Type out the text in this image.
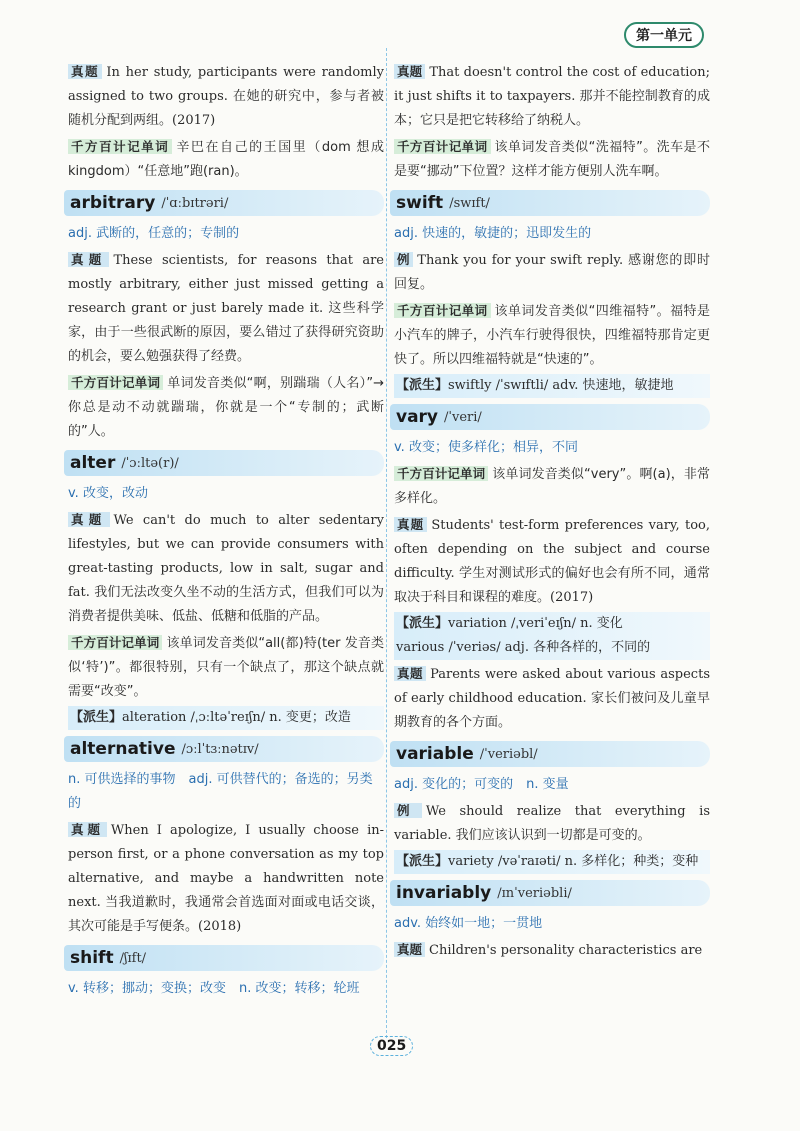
第一单元

真题 In her study, participants were randomly assigned to two groups. 在她的研究中，参与者被随机分配到两组。(2017)

千方百计记单词 辛巴在自己的王国里（dom 想成 kingdom）“任意地”跑(ran)。

arbitrary /ˈɑːbɪtrəri/

adj. 武断的，任意的；专制的

真题 These scientists, for reasons that are mostly arbitrary, either just missed getting a research grant or just barely made it. 这些科学家，由于一些很武断的原因，要么错过了获得研究资助的机会，要么勉强获得了经费。

千方百计记单词 单词发音类似“啊，别踹瑞（人名）”→你总是动不动就踹瑞，你就是一个“专制的；武断的”人。

alter /ˈɔːltə(r)/

v. 改变，改动

真题 We can't do much to alter sedentary lifestyles, but we can provide consumers with great-tasting products, low in salt, sugar and fat. 我们无法改变久坐不动的生活方式，但我们可以为消费者提供美味、低盐、低糖和低脂的产品。

千方百计记单词 该单词发音类似“all(都)特(ter 发音类似‘特’)”。都很特别，只有一个缺点了，那这个缺点就需要“改变”。

【派生】alteration /ˌɔːltəˈreɪʃn/ n. 变更；改造

alternative /ɔːlˈtɜːnətɪv/

n. 可供选择的事物　adj. 可供替代的；备选的；另类的

真题 When I apologize, I usually choose in-person first, or a phone conversation as my top alternative, and maybe a handwritten note next. 当我道歉时，我通常会首选面对面或电话交谈，其次可能是手写便条。(2018)

shift /ʃɪft/

v. 转移；挪动；变换；改变　n. 改变；转移；轮班

真题 That doesn't control the cost of education; it just shifts it to taxpayers. 那并不能控制教育的成本；它只是把它转移给了纳税人。

千方百计记单词 该单词发音类似“洗福特”。洗车是不是要“挪动”下位置？这样才能方便别人洗车啊。

swift /swɪft/

adj. 快速的，敏捷的；迅即发生的

例 Thank you for your swift reply. 感谢您的即时回复。

千方百计记单词 该单词发音类似“四维福特”。福特是小汽车的牌子，小汽车行驶得很快，四维福特那肯定更快了。所以四维福特就是“快速的”。

【派生】swiftly /ˈswɪftli/ adv. 快速地，敏捷地

vary /ˈveri/

v. 改变；使多样化；相异，不同

千方百计记单词 该单词发音类似“very”。啊(a)，非常多样化。

真题 Students' test-form preferences vary, too, often depending on the subject and course difficulty. 学生对测试形式的偏好也会有所不同，通常取决于科目和课程的难度。(2017)

【派生】variation /ˌveriˈeɪʃn/ n. 变化
various /ˈveriəs/ adj. 各种各样的，不同的

真题 Parents were asked about various aspects of early childhood education. 家长们被问及儿童早期教育的各个方面。

variable /ˈveriəbl/

adj. 变化的；可变的　n. 变量

例 We should realize that everything is variable. 我们应该认识到一切都是可变的。

【派生】variety /vəˈraɪəti/ n. 多样化；种类；变种

invariably /ɪnˈveriəbli/

adv. 始终如一地；一贯地

真题 Children's personality characteristics are

025
